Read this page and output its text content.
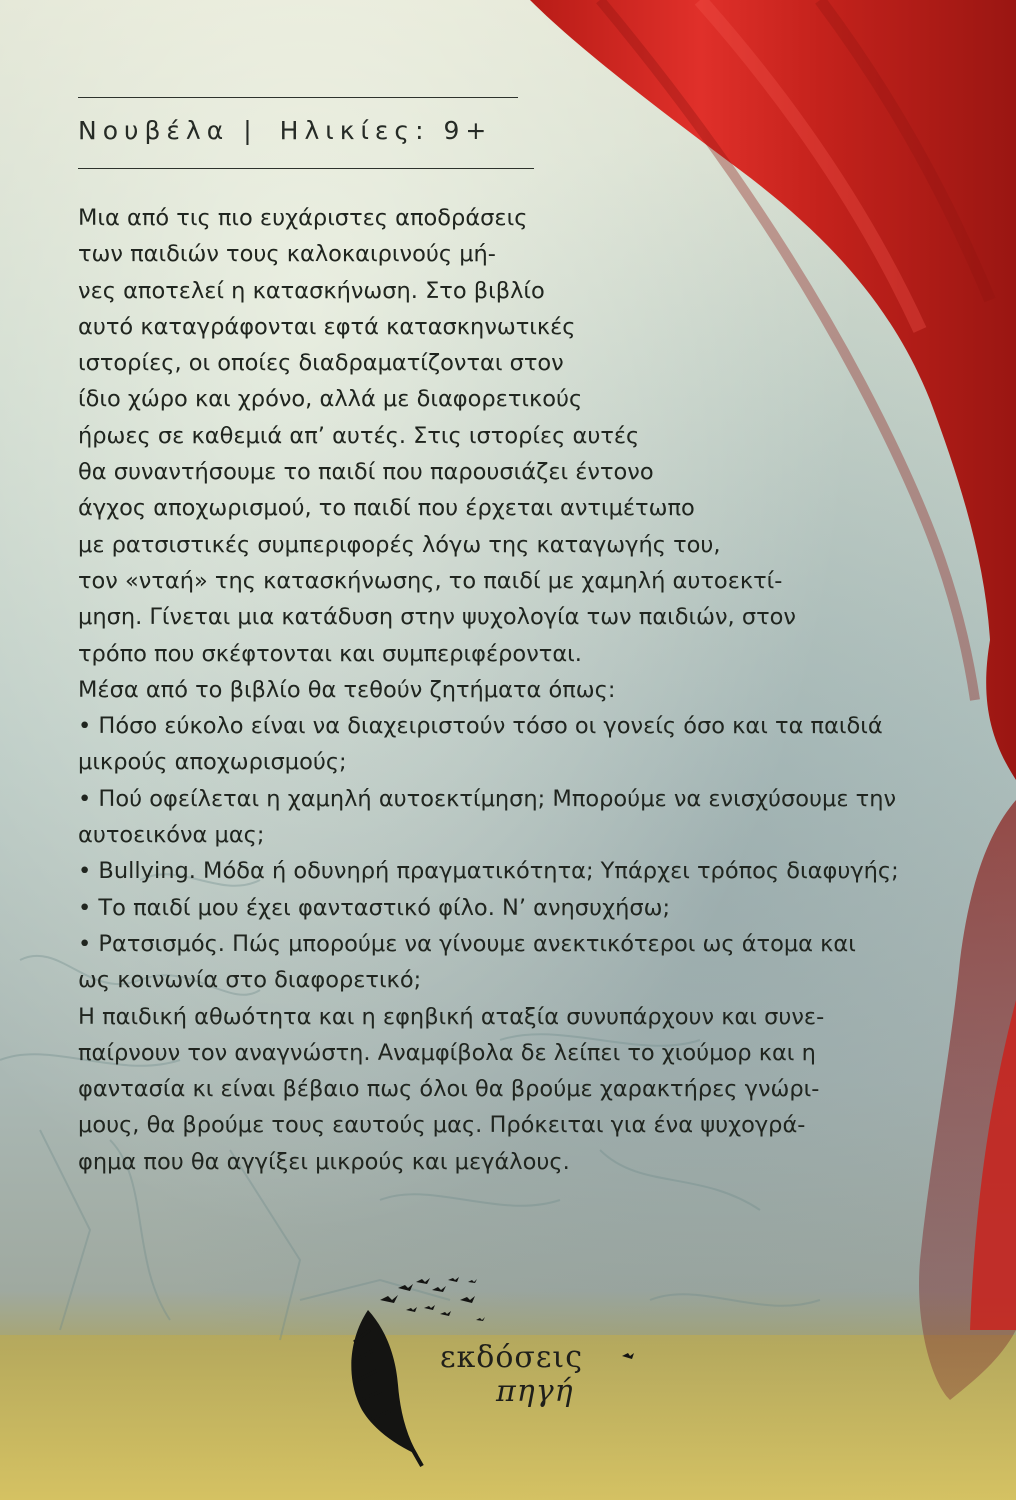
Νουβέλα | Ηλικίες: 9+
Μια από τις πιο ευχάριστες αποδράσεις
των παιδιών τους καλοκαιρινούς μή-
νες αποτελεί η κατασκήνωση. Στο βιβλίο
αυτό καταγράφονται εφτά κατασκηνωτικές
ιστορίες, οι οποίες διαδραματίζονται στον
ίδιο χώρο και χρόνο, αλλά με διαφορετικούς
ήρωες σε καθεμιά απ’ αυτές. Στις ιστορίες αυτές
θα συναντήσουμε το παιδί που παρουσιάζει έντονο
άγχος αποχωρισμού, το παιδί που έρχεται αντιμέτωπο
με ρατσιστικές συμπεριφορές λόγω της καταγωγής του,
τον «νταή» της κατασκήνωσης, το παιδί με χαμηλή αυτοεκτί-
μηση. Γίνεται μια κατάδυση στην ψυχολογία των παιδιών, στον
τρόπο που σκέφτονται και συμπεριφέρονται.
Μέσα από το βιβλίο θα τεθούν ζητήματα όπως:
• Πόσο εύκολο είναι να διαχειριστούν τόσο οι γονείς όσο και τα παιδιά
μικρούς αποχωρισμούς;
• Πού οφείλεται η χαμηλή αυτοεκτίμηση; Μπορούμε να ενισχύσουμε την
αυτοεικόνα μας;
• Bullying. Μόδα ή οδυνηρή πραγματικότητα; Υπάρχει τρόπος διαφυγής;
• Το παιδί μου έχει φανταστικό φίλο. Ν’ ανησυχήσω;
• Ρατσισμός. Πώς μπορούμε να γίνουμε ανεκτικότεροι ως άτομα και
ως κοινωνία στο διαφορετικό;
Η παιδική αθωότητα και η εφηβική αταξία συνυπάρχουν και συνε-
παίρνουν τον αναγνώστη. Αναμφίβολα δε λείπει το χιούμορ και η
φαντασία κι είναι βέβαιο πως όλοι θα βρούμε χαρακτήρες γνώρι-
μους, θα βρούμε τους εαυτούς μας. Πρόκειται για ένα ψυχογρά-
φημα που θα αγγίξει μικρούς και μεγάλους.
εκδόσεις
πηγή
